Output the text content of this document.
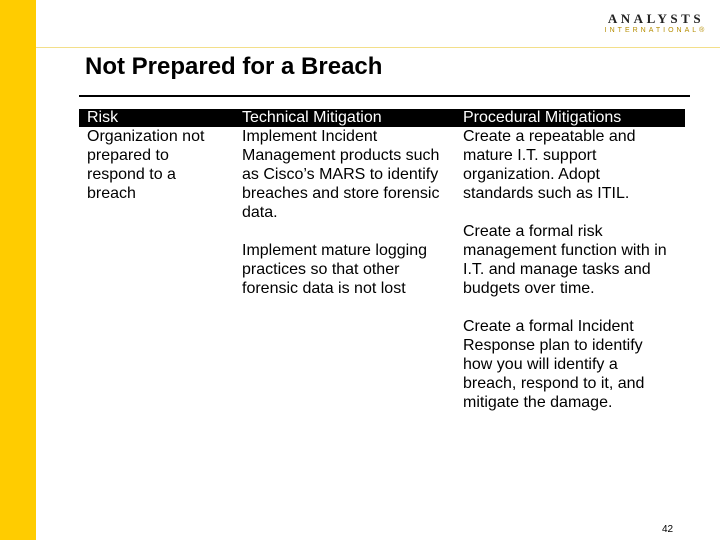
ANALYSTS
INTERNATIONAL®
Not Prepared for a Breach
Risk	Technical Mitigation	Procedural Mitigations

Organization not
prepared to
respond to a
breach

Implement Incident
Management products such
as Cisco’s MARS to identify
breaches and store forensic
data.

Implement mature logging
practices so that other
forensic data is not lost

Create a repeatable and
mature I.T. support
organization. Adopt
standards such as ITIL.

Create a formal risk
management function with in
I.T. and manage tasks and
budgets over time.

Create a formal Incident
Response plan to identify
how you will identify a
breach, respond to it, and
mitigate the damage.

42
